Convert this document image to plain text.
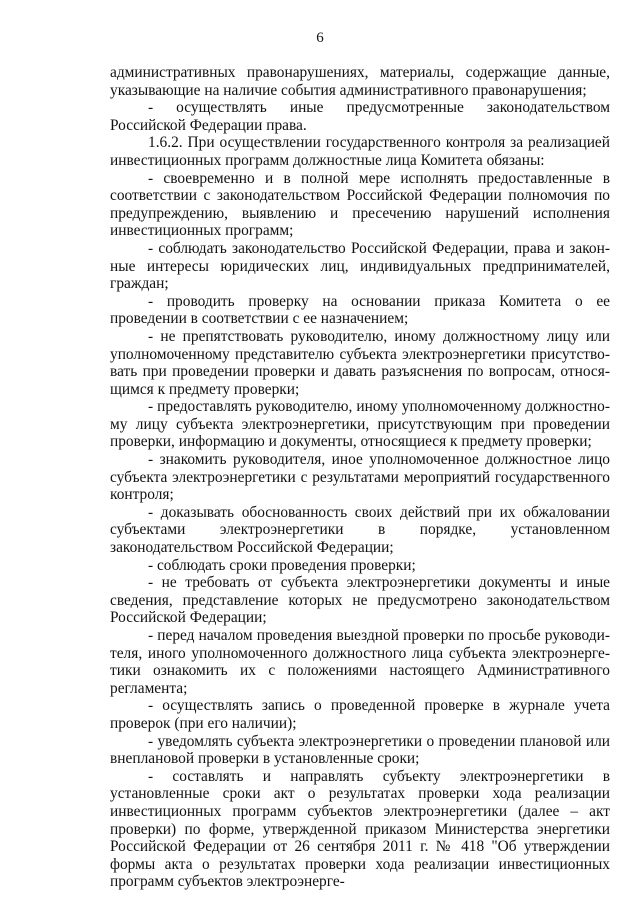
6

административных правонарушениях, материалы, содержащие данные, указывающие на наличие события административного правонарушения;

- осуществлять иные предусмотренные законодательством Российской Федерации права.

1.6.2. При осуществлении государственного контроля за реализацией инвестиционных программ должностные лица Комитета обязаны:

- своевременно и в полной мере исполнять предоставленные в соответствии с законодательством Российской Федерации полномочия по предупреждению, выявлению и пресечению нарушений исполнения инвестиционных программ;

- соблюдать законодательство Российской Федерации, права и законные интересы юридических лиц, индивидуальных предпринимателей, граждан;

- проводить проверку на основании приказа Комитета о ее проведении в соответствии с ее назначением;

- не препятствовать руководителю, иному должностному лицу или уполномоченному представителю субъекта электроэнергетики присутствовать при проведении проверки и давать разъяснения по вопросам, относящимся к предмету проверки;

- предоставлять руководителю, иному уполномоченному должностному лицу субъекта электроэнергетики, присутствующим при проведении проверки, информацию и документы, относящиеся к предмету проверки;

- знакомить руководителя, иное уполномоченное должностное лицо субъекта электроэнергетики с результатами мероприятий государственного контроля;

- доказывать обоснованность своих действий при их обжаловании субъектами электроэнергетики в порядке, установленном законодательством Российской Федерации;

- соблюдать сроки проведения проверки;

- не требовать от субъекта электроэнергетики документы и иные сведения, представление которых не предусмотрено законодательством Российской Федерации;

- перед началом проведения выездной проверки по просьбе руководителя, иного уполномоченного должностного лица субъекта электроэнергетики ознакомить их с положениями настоящего Административного регламента;

- осуществлять запись о проведенной проверке в журнале учета проверок (при его наличии);

- уведомлять субъекта электроэнергетики о проведении плановой или внеплановой проверки в установленные сроки;

- составлять и направлять субъекту электроэнергетики в установленные сроки акт о результатах проверки хода реализации инвестиционных программ субъектов электроэнергетики (далее – акт проверки) по форме, утвержденной приказом Министерства энергетики Российской Федерации от 26 сентября 2011 г. № 418 "Об утверждении формы акта о результатах проверки хода реализации инвестиционных программ субъектов электроэнерге-
